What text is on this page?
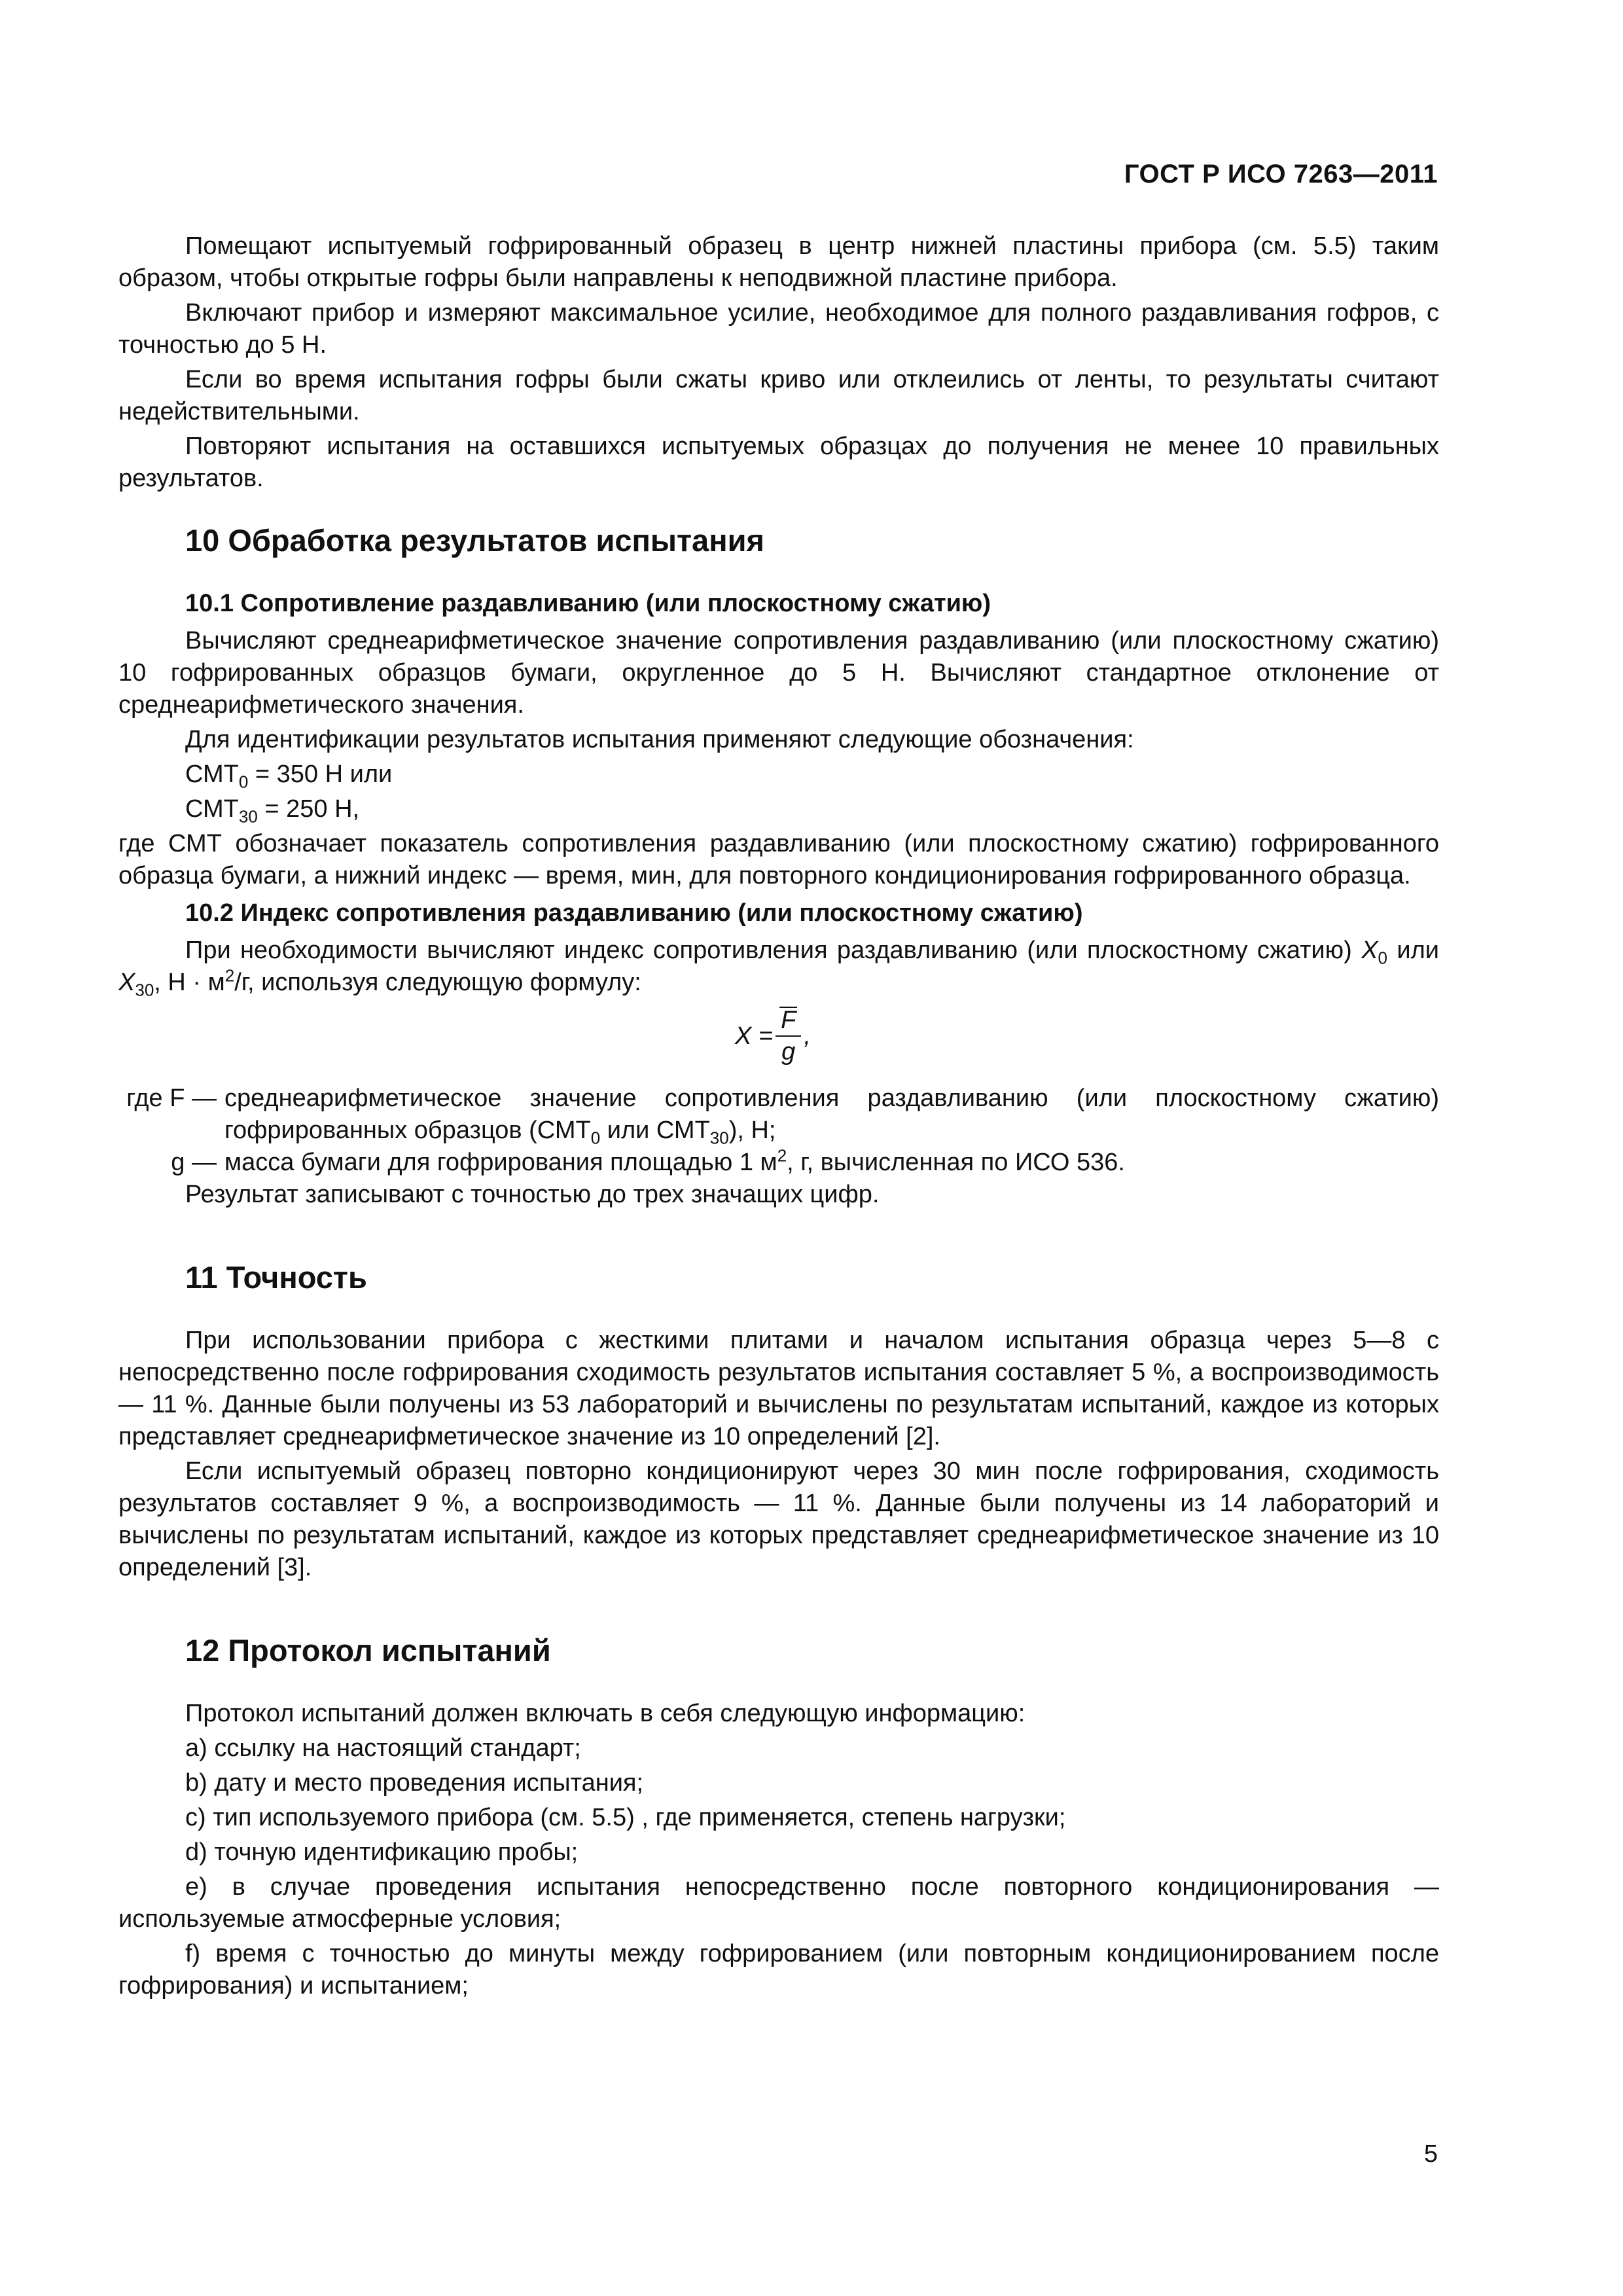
ГОСТ Р ИСО 7263—2011

Помещают испытуемый гофрированный образец в центр нижней пластины прибора (см. 5.5) таким образом, чтобы открытые гофры были направлены к неподвижной пластине прибора.

Включают прибор и измеряют максимальное усилие, необходимое для полного раздавливания гофров, с точностью до 5 Н.

Если во время испытания гофры были сжаты криво или отклеились от ленты, то результаты считают недействительными.

Повторяют испытания на оставшихся испытуемых образцах до получения не менее 10 правильных результатов.

10 Обработка результатов испытания
10.1 Сопротивление раздавливанию (или плоскостному сжатию)

Вычисляют среднеарифметическое значение сопротивления раздавливанию (или плоскостному сжатию) 10 гофрированных образцов бумаги, округленное до 5 Н. Вычисляют стандартное отклонение от среднеарифметического значения.

Для идентификации результатов испытания применяют следующие обозначения:

$СМТ_0 = 350$ Н или

$СМТ_{30} = 250$ Н,

где СМТ обозначает показатель сопротивления раздавливанию (или плоскостному сжатию) гофрированного образца бумаги, а нижний индекс — время, мин, для повторного кондиционирования гофрированного образца.

10.2 Индекс сопротивления раздавливанию (или плоскостному сжатию)

При необходимости вычисляют индекс сопротивления раздавливанию (или плоскостному сжатию) $X_0$ или $X_{30}$, $Н \cdot м^2/г$, используя следующую формулу:

$X = \frac{F}{g}$ ,
где F —	среднеарифметическое значение сопротивления раздавливанию (или плоскостному сжатию) гофрированных образцов ($СМТ_0$ или $СМТ_{30}$), Н;
g —	масса бумаги для гофрирования площадью 1 $м^2$, г, вычисленная по ИСО 536.

Результат записывают с точностью до трех значащих цифр.

11 Точность

При использовании прибора с жесткими плитами и началом испытания образца через 5—8 с непосредственно после гофрирования сходимость результатов испытания составляет 5 %, а воспроизводимость — 11 %. Данные были получены из 53 лабораторий и вычислены по результатам испытаний, каждое из которых представляет среднеарифметическое значение из 10 определений [2].

Если испытуемый образец повторно кондиционируют через 30 мин после гофрирования, сходимость результатов составляет 9 %, а воспроизводимость — 11 %. Данные были получены из 14 лабораторий и вычислены по результатам испытаний, каждое из которых представляет среднеарифметическое значение из 10 определений [3].

12 Протокол испытаний

Протокол испытаний должен включать в себя следующую информацию:

a) ссылку на настоящий стандарт;

b) дату и место проведения испытания;

c) тип используемого прибора (см. 5.5) , где применяется, степень нагрузки;

d) точную идентификацию пробы;

e) в случае проведения испытания непосредственно после повторного кондиционирования — используемые атмосферные условия;

f) время с точностью до минуты между гофрированием (или повторным кондиционированием после гофрирования) и испытанием;

5
